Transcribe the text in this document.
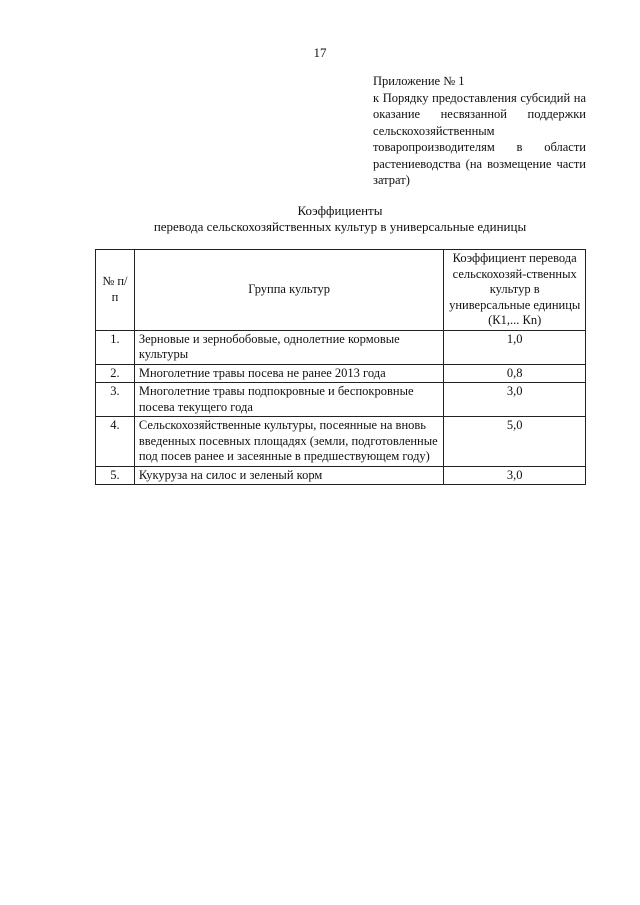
17
Приложение № 1
к Порядку предоставления субсидий на оказание несвязанной поддержки сельскохозяйственным товаропроизводителям в области растениеводства (на возмещение части затрат)
Коэффициенты
перевода сельскохозяйственных культур в универсальные единицы
№ п/п	Группа культур	Коэффициент перевода сельскохозяй-ственных культур в универсальные единицы (К1,... Кn)
1.	Зерновые и зернобобовые, однолетние кормовые культуры	1,0
2.	Многолетние травы посева не ранее 2013 года	0,8
3.	Многолетние травы подпокровные и беспокровные посева текущего года	3,0
4.	Сельскохозяйственные культуры, посеянные на вновь введенных посевных площадях (земли, подготовленные под посев ранее и засеянные в предшествующем году)	5,0
5.	Кукуруза на силос и зеленый корм	3,0
